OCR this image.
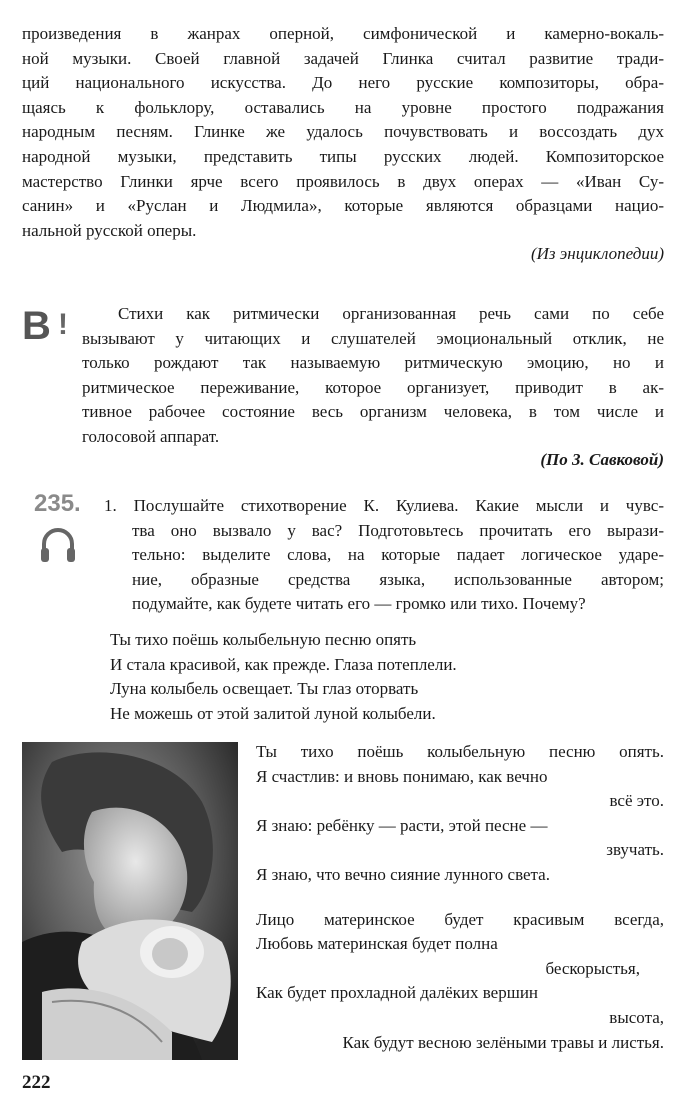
произведения в жанрах оперной, симфонической и камерно-вокаль-
ной музыки. Своей главной задачей Глинка считал развитие тради-
ций национального искусства. До него русские композиторы, обра-
щаясь к фольклору, оставались на уровне простого подражания
народным песням. Глинке же удалось почувствовать и воссоздать дух
народной музыки, представить типы русских людей. Композиторское
мастерство Глинки ярче всего проявилось в двух операх — «Иван Су-
санин» и «Руслан и Людмила», которые являются образцами нацио-
нальной русской оперы.
(Из энциклопедии)
В !	Стихи как ритмически организованная речь сами по себе
вызывают у читающих и слушателей эмоциональный отклик, не
только рождают так называемую ритмическую эмоцию, но и
ритмическое переживание, которое организует, приводит в ак-
тивное рабочее состояние весь организм человека, в том числе и
голосовой аппарат.
(По 3. Савковой)
235. 1. Послушайте стихотворение К. Кулиева. Какие мысли и чувс-
тва оно вызвало у вас? Подготовьтесь прочитать его вырази-
тельно: выделите слова, на которые падает логическое ударе-
ние, образные средства языка, использованные автором;
подумайте, как будете читать его — громко или тихо. Почему?
Ты тихо поёшь колыбельную песню опять
И стала красивой, как прежде. Глаза потеплели.
Луна колыбель освещает. Ты глаз оторвать
Не можешь от этой залитой луной колыбели.
Ты тихо поёшь колыбельную песню опять.
Я счастлив: и вновь понимаю, как вечно
всё это.
Я знаю: ребёнку — расти, этой песне —
звучать.
Я знаю, что вечно сияние лунного света.
Лицо материнское будет красивым всегда,
Любовь материнская будет полна
бескорыстья,
Как будет прохладной далёких вершин
высота,
Как будут весною зелёными травы и листья.
222
